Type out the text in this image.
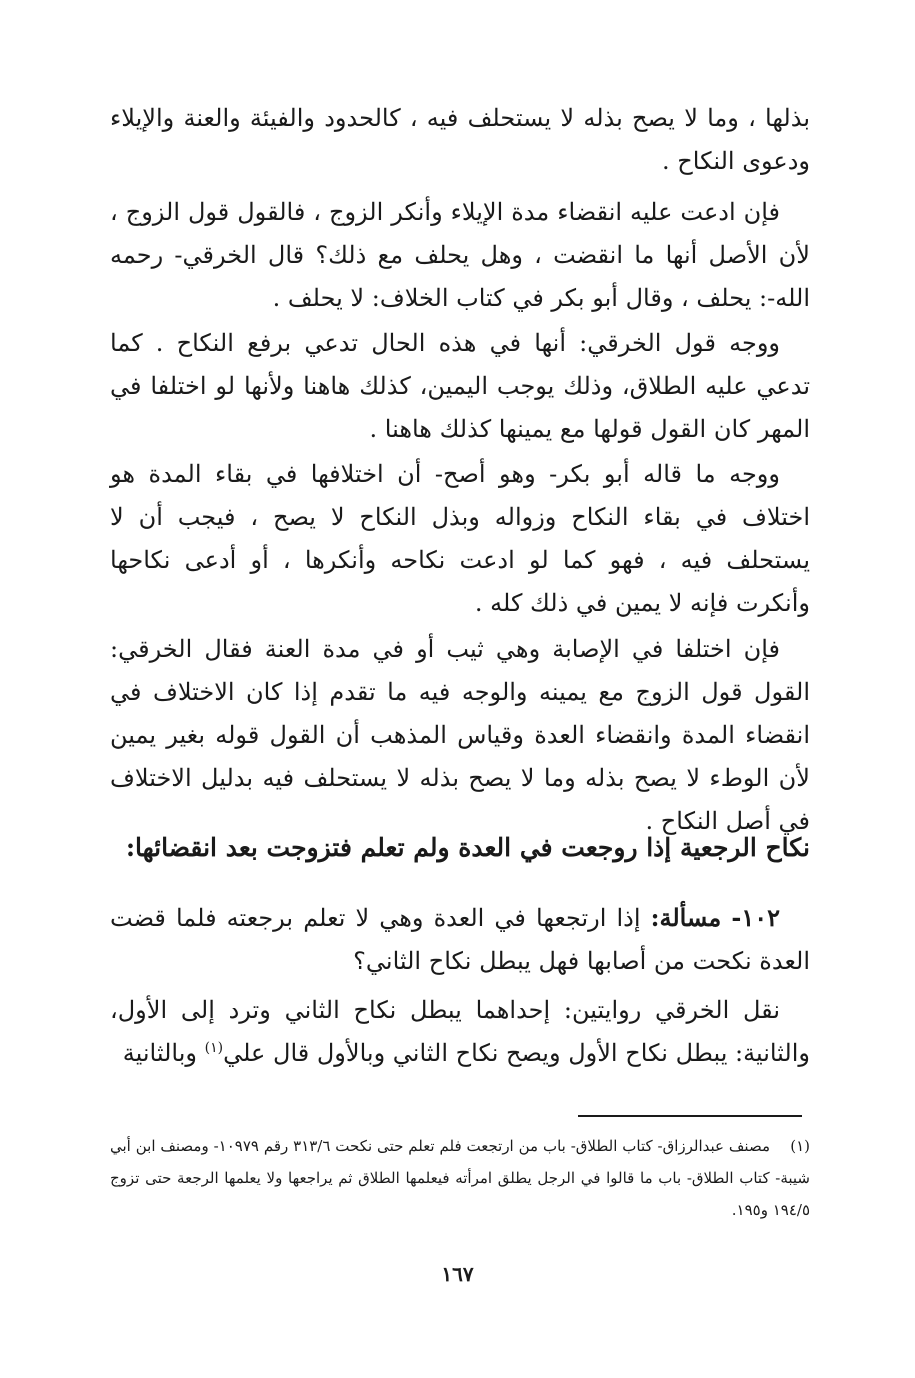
بذلها ، وما لا يصح بذله لا يستحلف فيه ، كالحدود والفيئة والعنة والإيلاء ودعوى النكاح .

فإن ادعت عليه انقضاء مدة الإيلاء وأنكر الزوج ، فالقول قول الزوج ، لأن الأصل أنها ما انقضت ، وهل يحلف مع ذلك؟ قال الخرقي- رحمه الله-: يحلف ، وقال أبو بكر في كتاب الخلاف: لا يحلف .

ووجه قول الخرقي: أنها في هذه الحال تدعي برفع النكاح . كما تدعي عليه الطلاق، وذلك يوجب اليمين، كذلك هاهنا ولأنها لو اختلفا في المهر كان القول قولها مع يمينها كذلك هاهنا .

ووجه ما قاله أبو بكر- وهو أصح- أن اختلافها في بقاء المدة هو اختلاف في بقاء النكاح وزواله وبذل النكاح لا يصح ، فيجب أن لا يستحلف فيه ، فهو كما لو ادعت نكاحه وأنكرها ، أو أدعى نكاحها وأنكرت فإنه لا يمين في ذلك كله .

فإن اختلفا في الإصابة وهي ثيب أو في مدة العنة فقال الخرقي: القول قول الزوج مع يمينه والوجه فيه ما تقدم إذا كان الاختلاف في انقضاء المدة وانقضاء العدة وقياس المذهب أن القول قوله بغير يمين لأن الوطء لا يصح بذله وما لا يصح بذله لا يستحلف فيه بدليل الاختلاف في أصل النكاح .

نكاح الرجعية إذا روجعت في العدة ولم تعلم فتزوجت بعد انقضائها:

١٠٢- مسألة: إذا ارتجعها في العدة وهي لا تعلم برجعته فلما قضت العدة نكحت من أصابها فهل يبطل نكاح الثاني؟

نقل الخرقي روايتين: إحداهما يبطل نكاح الثاني وترد إلى الأول، والثانية: يبطل نكاح الأول ويصح نكاح الثاني وبالأول قال علي$^{(١)}$ وبالثانية

(١)مصنف عبدالرزاق- كتاب الطلاق- باب من ارتجعت فلم تعلم حتى نكحت ٣١٣/٦ رقم ١٠٩٧٩- ومصنف ابن أبي شيبة- كتاب الطلاق- باب ما قالوا في الرجل يطلق امرأته فيعلمها الطلاق ثم يراجعها ولا يعلمها الرجعة حتى تزوج ١٩٤/٥ و١٩٥.

١٦٧
